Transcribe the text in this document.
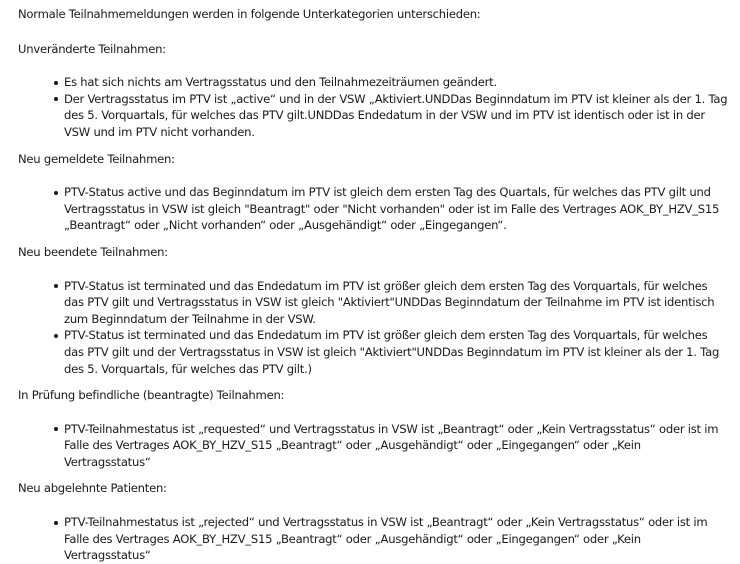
Normale Teilnahmemeldungen werden in folgende Unterkategorien unterschieden:

Unveränderte Teilnahmen:

Es hat sich nichts am Vertragsstatus und den Teilnahmezeiträumen geändert.
Der Vertragsstatus im PTV ist „active“ und in der VSW „Aktiviert.UNDDas Beginndatum im PTV ist kleiner als der 1. Tag des 5. Vorquartals, für welches das PTV gilt.UNDDas Endedatum in der VSW und im PTV ist identisch oder ist in der VSW und im PTV nicht vorhanden.

Neu gemeldete Teilnahmen:

PTV-Status active und das Beginndatum im PTV ist gleich dem ersten Tag des Quartals, für welches das PTV gilt und Vertragsstatus in VSW ist gleich "Beantragt" oder "Nicht vorhanden" oder ist im Falle des Vertrages AOK_BY_HZV_S15 „Beantragt“ oder „Nicht vorhanden“ oder „Ausgehändigt“ oder „Eingegangen“.

Neu beendete Teilnahmen:

PTV-Status ist terminated und das Endedatum im PTV ist größer gleich dem ersten Tag des Vorquartals, für welches das PTV gilt und Vertragsstatus in VSW ist gleich "Aktiviert"UNDDas Beginndatum der Teilnahme im PTV ist identisch zum Beginndatum der Teilnahme in der VSW.
PTV-Status ist terminated und das Endedatum im PTV ist größer gleich dem ersten Tag des Vorquartals, für welches das PTV gilt und der Vertragsstatus in VSW ist gleich "Aktiviert"UNDDas Beginndatum im PTV ist kleiner als der 1. Tag des 5. Vorquartals, für welches das PTV gilt.)

In Prüfung befindliche (beantragte) Teilnahmen:

PTV-Teilnahmestatus ist „requested“ und Vertragsstatus in VSW ist „Beantragt“ oder „Kein Vertragsstatus“ oder ist im Falle des Vertrages AOK_BY_HZV_S15 „Beantragt“ oder „Ausgehändigt“ oder „Eingegangen“ oder „Kein Vertragsstatus“

Neu abgelehnte Patienten:

PTV-Teilnahmestatus ist „rejected“ und Vertragsstatus in VSW ist „Beantragt“ oder „Kein Vertragsstatus“ oder ist im Falle des Vertrages AOK_BY_HZV_S15 „Beantragt“ oder „Ausgehändigt“ oder „Eingegangen“ oder „Kein Vertragsstatus“
